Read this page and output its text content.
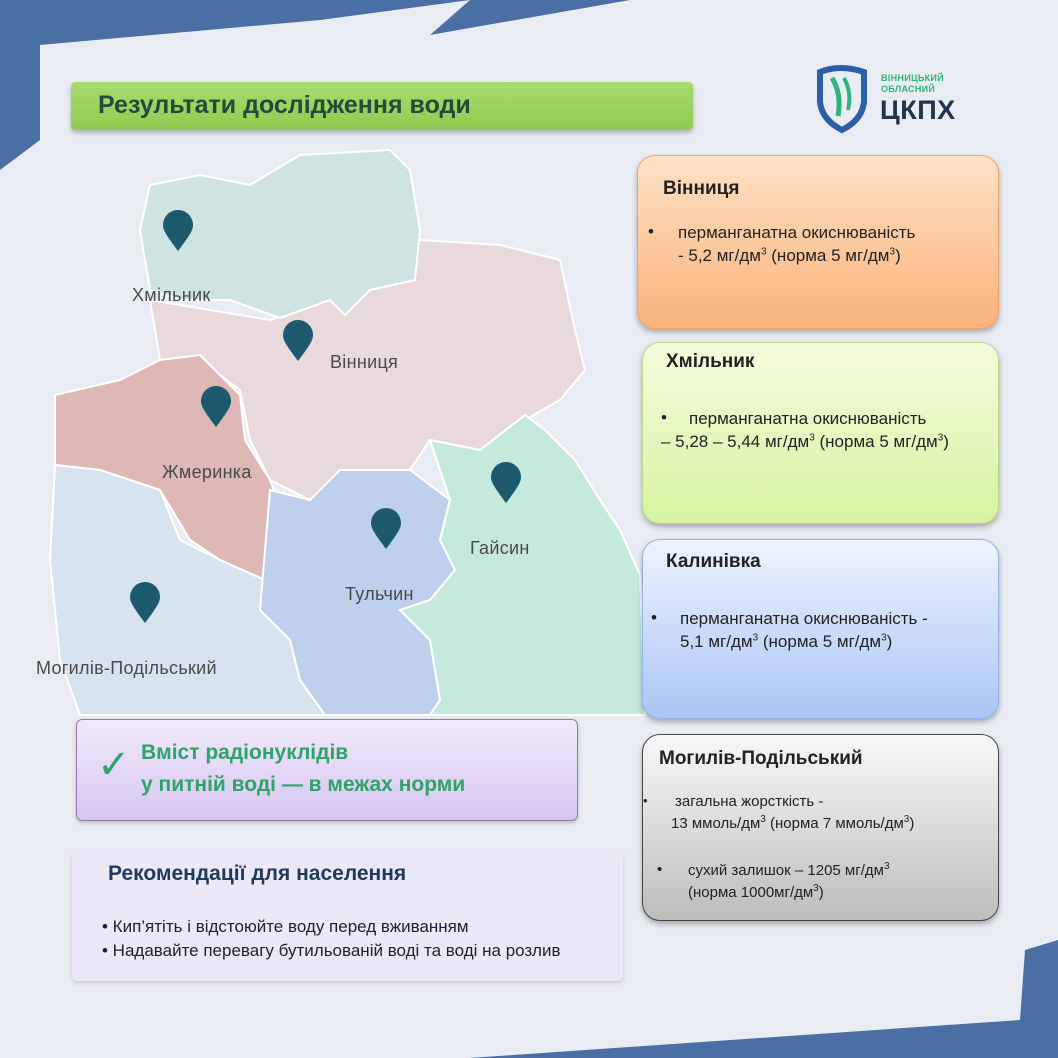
Результати дослідження води
ВІННИЦЬКИЙ
ОБЛАСНИЙ
ЦКПХ
Хмільник
Вінниця
Жмеринка
Гайсин
Тульчин
Могилів-Подільський
Вінниця
• перманганатна окиснюваність
- 5,2 $мг/дм^3$ (норма 5 $мг/дм^3$)
Хмільник
• перманганатна окиснюваність
– 5,28 – 5,44 $мг/дм^3$ (норма 5 $мг/дм^3$)
Калинівка
• перманганатна окиснюваність -
5,1 $мг/дм^3$ (норма 5 $мг/дм^3$)
Могилів-Подільський
• загальна жорсткість -
13 ммоль/$дм^3$ (норма 7 ммоль/$дм^3$)
• сухий залишок – 1205 $мг/дм^3$
(норма $1000мг/дм^3$)
✓ Вміст радіонуклідів
у питній воді — в межах норми
Рекомендації для населення
• Кип’ятіть і відстоюйте воду перед вживанням
• Надавайте перевагу бутильованій воді та воді на розлив
